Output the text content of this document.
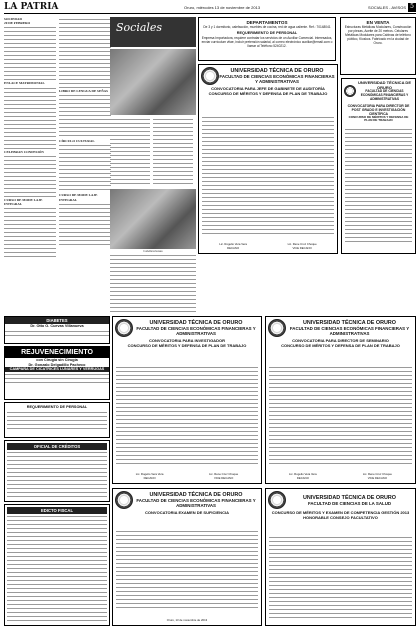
LA PATRIA	Oruro, miércoles 13 de noviembre de 2013	SOCIALES - AVISOS 5
SOCIEDAD
20 DE FEBRERO
ENLACE MATRIMONIAL
CELEBRAN CONFESIÓN
CURSO DE MODE LAJE INTEGRAL
LIBRO DE LENGUA DE SEÑAS
CÍRCULO CULTURAL
CURSO DE MODE LAJE INTEGRAL
Sociales
Celebraciones
DEPARTAMENTOS

De 3 y 1 dormitorio, calefacción, muebles de cocina, red de agua caliente. Ref.: 70148041

REQUERIMIENTO DE PERSONAL

Empresa Importadora, requiere contratar los servicios de un Auxiliar Comercial. Interesados, enviar currículum vitae, incluir pretensión salarial, al correo electrónico auxiliar@email.com o llamar al Teléfono 5240212.

EN VENTA

Estructuras Metálicas Modulares, Construcción por piezas, Aceite de 20 metros. Celulares Metálicas Modulares para Cabinas de teléfono público, Kioskos. Fabricado en la ciudad de Oruro.

UNIVERSIDAD TÉCNICA DE ORURO
FACULTAD DE CIENCIAS ECONÓMICAS FINANCIERAS Y ADMINISTRATIVAS
CONVOCATORIA PARA JEFE DE GABINETE DE AUDITORÍA
CONCURSO DE MÉRITOS Y DEFENSA DE PLAN DE TRABAJO
Lic. Rogelio Vera Vera
DECANO
Lic. Rene Cruz Choque
VICE DECANO
UNIVERSIDAD TÉCNICA DE ORURO
FACULTAD DE CIENCIAS ECONÓMICAS FINANCIERAS Y ADMINISTRATIVAS
CONVOCATORIA PARA DIRECTOR DE POST GRADO E INVESTIGACIÓN CIENTÍFICA
CONCURSO DE MÉRITOS Y DEFENSA DE PLAN DE TRABAJO
DIABETES
Dr. Otto O. Cuevas Villanueva
REJUVENECIMIENTO
con Cirugía sin Cirugía
Dr. Gonzalo Delgadillo Pacheco
CAMPAÑA DE CICATRICES LUNARES Y VERRUGAS
REQUERIMIENTO DE PERSONAL
OFICIAL DE CRÉDITOS
EDICTO FISCAL
UNIVERSIDAD TÉCNICA DE ORURO
FACULTAD DE CIENCIAS ECONÓMICAS FINANCIERAS Y ADMINISTRATIVAS
CONVOCATORIA PARA INVESTIGADOR
CONCURSO DE MÉRITOS Y DEFENSA DE PLAN DE TRABAJO
Lic. Rogelio Vera Vera
DECANO
Lic. Rene Cruz Choque
VICE DECANO
UNIVERSIDAD TÉCNICA DE ORURO
FACULTAD DE CIENCIAS ECONÓMICAS FINANCIERAS Y ADMINISTRATIVAS
CONVOCATORIA PARA DIRECTOR DE SEMINARIO
CONCURSO DE MÉRITOS Y DEFENSA DE PLAN DE TRABAJO
Lic. Rogelio Vera Vera
DECANO
Lic. Rene Cruz Choque
VICE DECANO
UNIVERSIDAD TÉCNICA DE ORURO
FACULTAD DE CIENCIAS ECONÓMICAS FINANCIERAS Y ADMINISTRATIVAS
CONVOCATORIA EXAMEN DE SUFICIENCIA
Oruro, 13 de noviembre de 2013
UNIVERSIDAD TÉCNICA DE ORURO
FACULTAD DE CIENCIAS DE LA SALUD
CONCURSO DE MÉRITOS Y EXAMEN DE COMPETENCIA GESTIÓN 2013
HONORABLE CONSEJO FACULTATIVO
